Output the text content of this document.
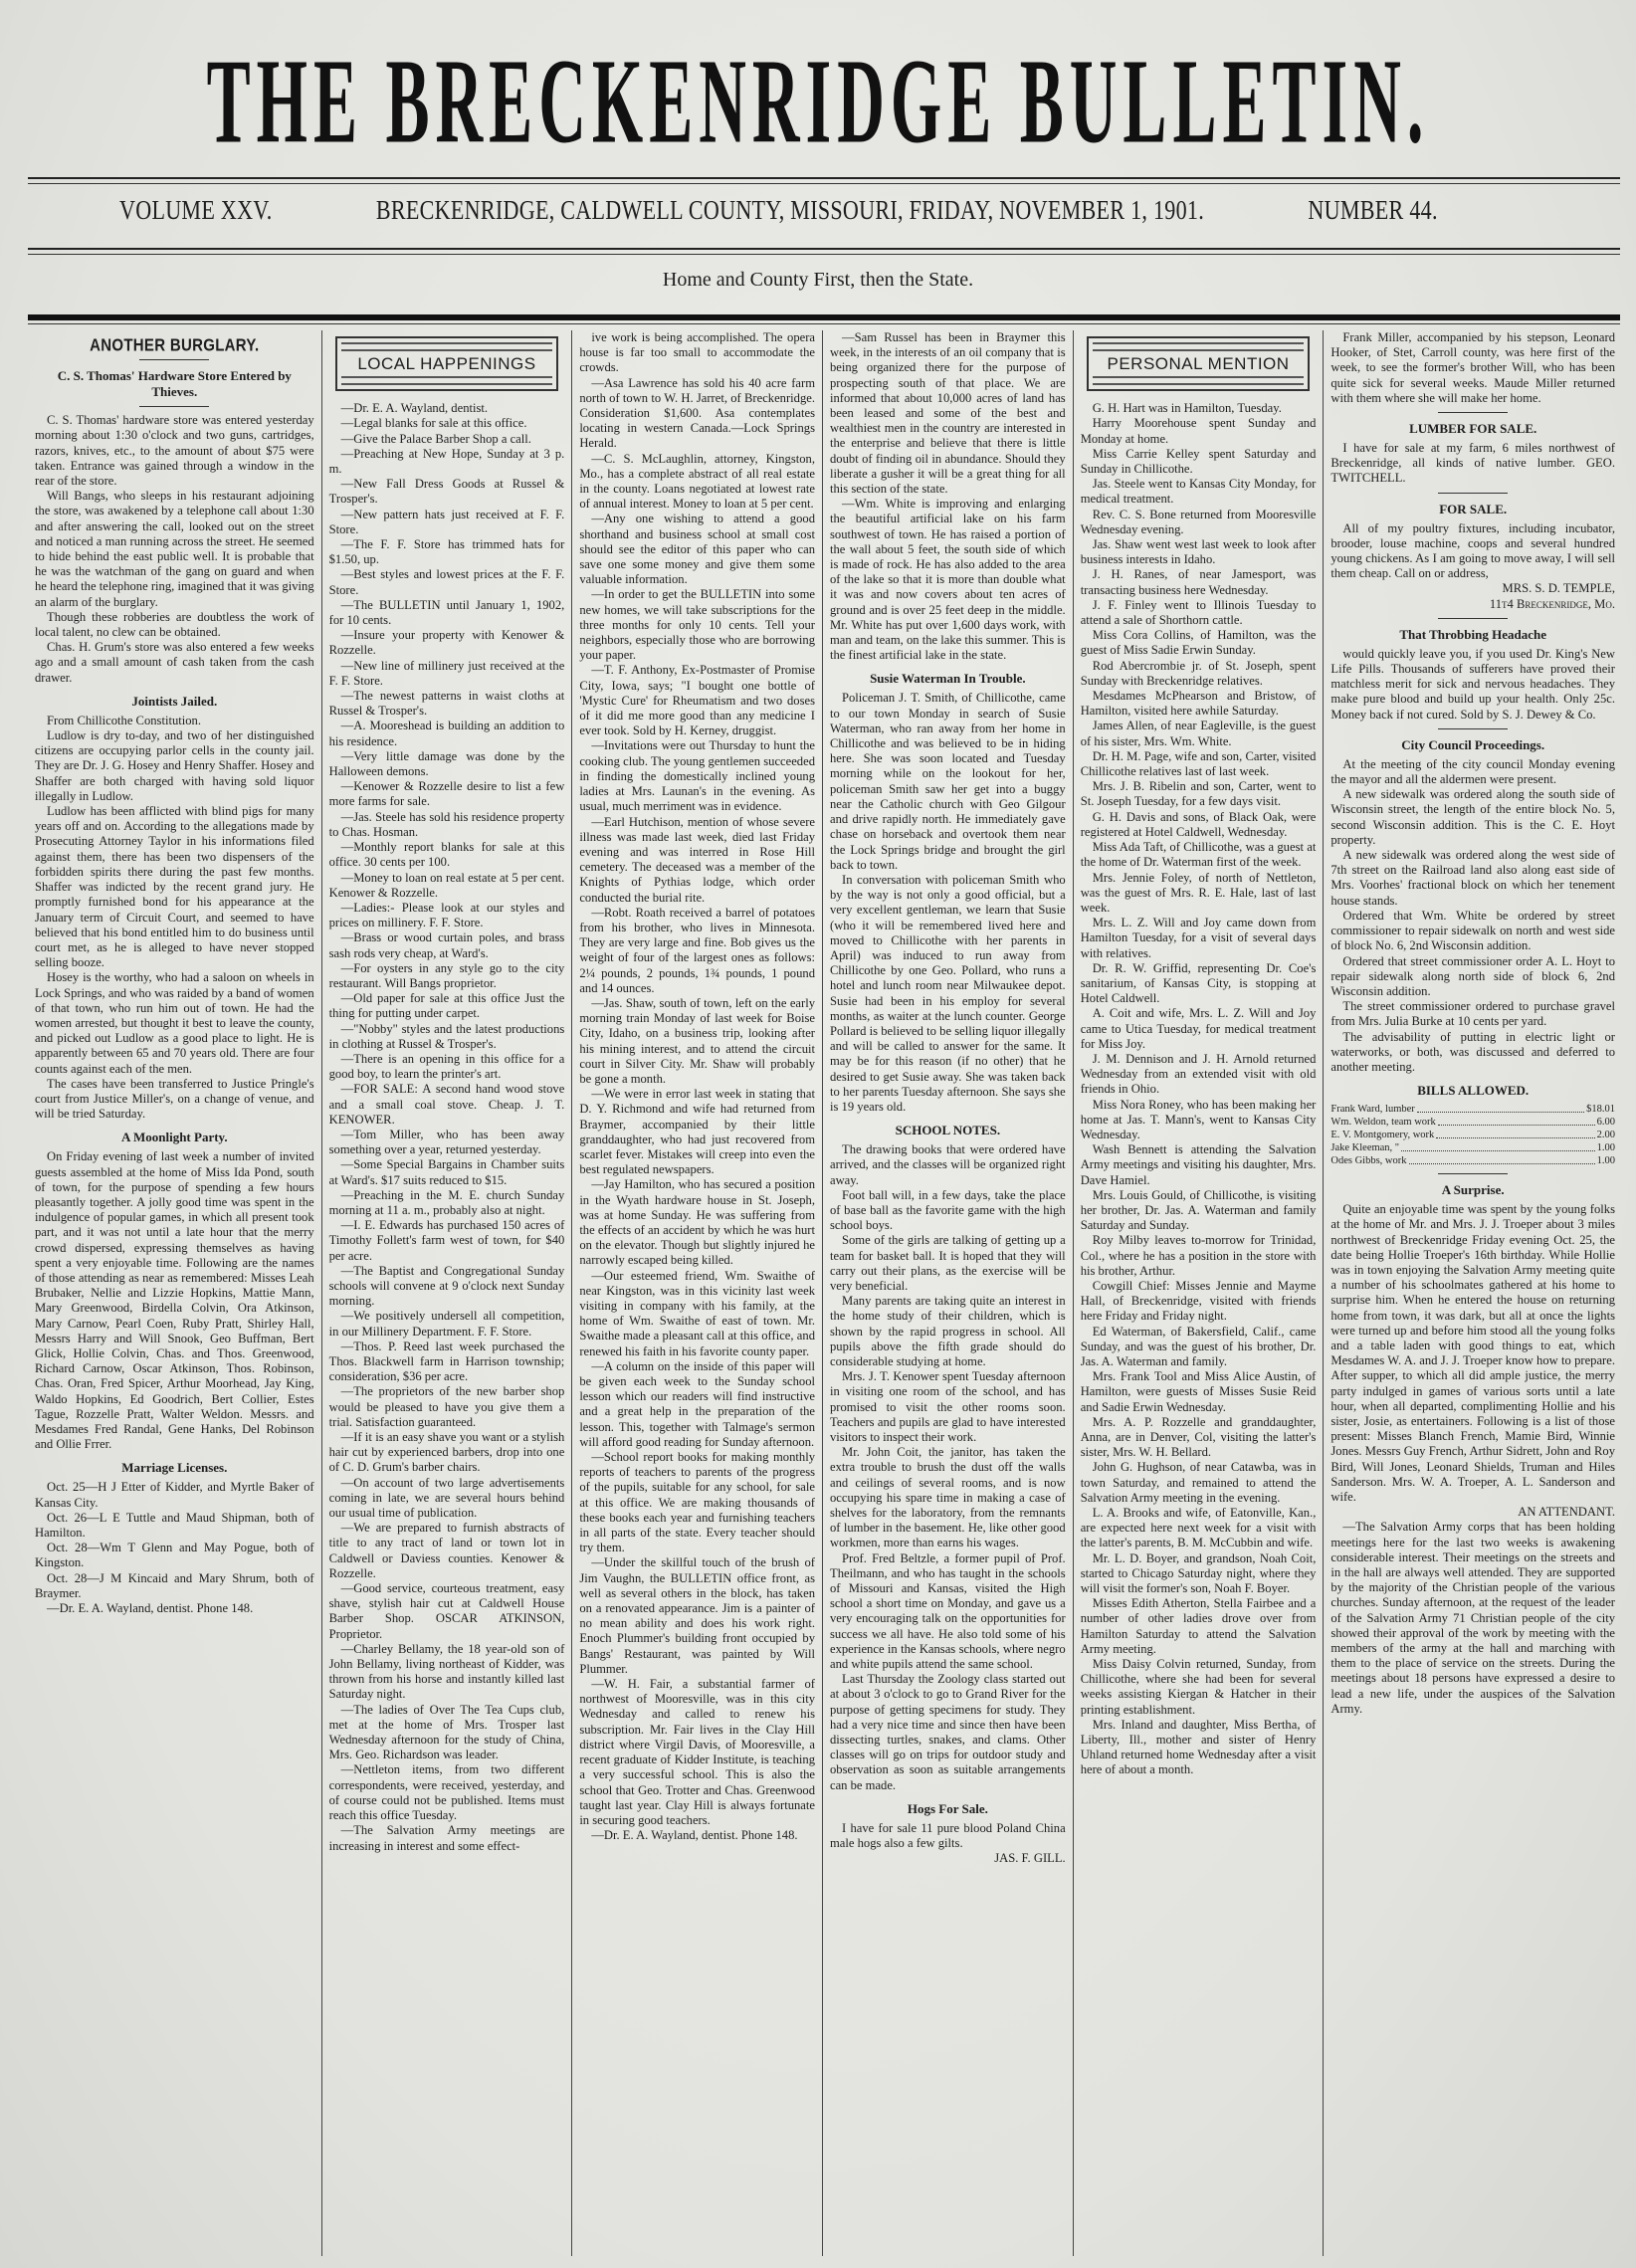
THE BRECKENRIDGE BULLETIN.
VOLUME XXV.	BRECKENRIDGE, CALDWELL COUNTY, MISSOURI, FRIDAY, NOVEMBER 1, 1901.	NUMBER 44.
Home and County First, then the State.
ANOTHER BURGLARY.
C. S. Thomas' Hardware Store Entered by Thieves.

C. S. Thomas' hardware store was entered yesterday morning about 1:30 o'clock and two guns, cartridges, razors, knives, etc., to the amount of about $75 were taken. Entrance was gained through a window in the rear of the store.

Will Bangs, who sleeps in his restaurant adjoining the store, was awakened by a telephone call about 1:30 and after answering the call, looked out on the street and noticed a man running across the street. He seemed to hide behind the east public well. It is probable that he was the watchman of the gang on guard and when he heard the telephone ring, imagined that it was giving an alarm of the burglary.

Though these robberies are doubtless the work of local talent, no clew can be obtained.

Chas. H. Grum's store was also entered a few weeks ago and a small amount of cash taken from the cash drawer.

Jointists Jailed.

From Chillicothe Constitution.

Ludlow is dry to-day, and two of her distinguished citizens are occupying parlor cells in the county jail. They are Dr. J. G. Hosey and Henry Shaffer. Hosey and Shaffer are both charged with having sold liquor illegally in Ludlow.

Ludlow has been afflicted with blind pigs for many years off and on. According to the allegations made by Prosecuting Attorney Taylor in his informations filed against them, there has been two dispensers of the forbidden spirits there during the past few months. Shaffer was indicted by the recent grand jury. He promptly furnished bond for his appearance at the January term of Circuit Court, and seemed to have believed that his bond entitled him to do business until court met, as he is alleged to have never stopped selling booze.

Hosey is the worthy, who had a saloon on wheels in Lock Springs, and who was raided by a band of women of that town, who run him out of town. He had the women arrested, but thought it best to leave the county, and picked out Ludlow as a good place to light. He is apparently between 65 and 70 years old. There are four counts against each of the men.

The cases have been transferred to Justice Pringle's court from Justice Miller's, on a change of venue, and will be tried Saturday.

A Moonlight Party.

On Friday evening of last week a number of invited guests assembled at the home of Miss Ida Pond, south of town, for the purpose of spending a few hours pleasantly together. A jolly good time was spent in the indulgence of popular games, in which all present took part, and it was not until a late hour that the merry crowd dispersed, expressing themselves as having spent a very enjoyable time. Following are the names of those attending as near as remembered: Misses Leah Brubaker, Nellie and Lizzie Hopkins, Mattie Mann, Mary Greenwood, Birdella Colvin, Ora Atkinson, Mary Carnow, Pearl Coen, Ruby Pratt, Shirley Hall, Messrs Harry and Will Snook, Geo Buffman, Bert Glick, Hollie Colvin, Chas. and Thos. Greenwood, Richard Carnow, Oscar Atkinson, Thos. Robinson, Chas. Oran, Fred Spicer, Arthur Moorhead, Jay King, Waldo Hopkins, Ed Goodrich, Bert Collier, Estes Tague, Rozzelle Pratt, Walter Weldon. Messrs. and Mesdames Fred Randal, Gene Hanks, Del Robinson and Ollie Frrer.

Marriage Licenses.

Oct. 25—H J Etter of Kidder, and Myrtle Baker of Kansas City.

Oct. 26—L E Tuttle and Maud Shipman, both of Hamilton.

Oct. 28—Wm T Glenn and May Pogue, both of Kingston.

Oct. 28—J M Kincaid and Mary Shrum, both of Braymer.

—Dr. E. A. Wayland, dentist. Phone 148.

LOCAL HAPPENINGS

—Dr. E. A. Wayland, dentist.

—Legal blanks for sale at this office.

—Give the Palace Barber Shop a call.

—Preaching at New Hope, Sunday at 3 p. m.

—New Fall Dress Goods at Russel & Trosper's.

—New pattern hats just received at F. F. Store.

—The F. F. Store has trimmed hats for $1.50, up.

—Best styles and lowest prices at the F. F. Store.

—The BULLETIN until January 1, 1902, for 10 cents.

—Insure your property with Kenower & Rozzelle.

—New line of millinery just received at the F. F. Store.

—The newest patterns in waist cloths at Russel & Trosper's.

—A. Mooreshead is building an addition to his residence.

—Very little damage was done by the Halloween demons.

—Kenower & Rozzelle desire to list a few more farms for sale.

—Jas. Steele has sold his residence property to Chas. Hosman.

—Monthly report blanks for sale at this office. 30 cents per 100.

—Money to loan on real estate at 5 per cent. Kenower & Rozzelle.

—Ladies:- Please look at our styles and prices on millinery. F. F. Store.

—Brass or wood curtain poles, and brass sash rods very cheap, at Ward's.

—For oysters in any style go to the city restaurant. Will Bangs proprietor.

—Old paper for sale at this office Just the thing for putting under carpet.

—"Nobby" styles and the latest productions in clothing at Russel & Trosper's.

—There is an opening in this office for a good boy, to learn the printer's art.

—FOR SALE: A second hand wood stove and a small coal stove. Cheap. J. T. KENOWER.

—Tom Miller, who has been away something over a year, returned yesterday.

—Some Special Bargains in Chamber suits at Ward's. $17 suits reduced to $15.

—Preaching in the M. E. church Sunday morning at 11 a. m., probably also at night.

—I. E. Edwards has purchased 150 acres of Timothy Follett's farm west of town, for $40 per acre.

—The Baptist and Congregational Sunday schools will convene at 9 o'clock next Sunday morning.

—We positively undersell all competition, in our Millinery Department. F. F. Store.

—Thos. P. Reed last week purchased the Thos. Blackwell farm in Harrison township; consideration, $36 per acre.

—The proprietors of the new barber shop would be pleased to have you give them a trial. Satisfaction guaranteed.

—If it is an easy shave you want or a stylish hair cut by experienced barbers, drop into one of C. D. Grum's barber chairs.

—On account of two large advertisements coming in late, we are several hours behind our usual time of publication.

—We are prepared to furnish abstracts of title to any tract of land or town lot in Caldwell or Daviess counties. Kenower & Rozzelle.

—Good service, courteous treatment, easy shave, stylish hair cut at Caldwell House Barber Shop. OSCAR ATKINSON, Proprietor.

—Charley Bellamy, the 18 year-old son of John Bellamy, living northeast of Kidder, was thrown from his horse and instantly killed last Saturday night.

—The ladies of Over The Tea Cups club, met at the home of Mrs. Trosper last Wednesday afternoon for the study of China, Mrs. Geo. Richardson was leader.

—Nettleton items, from two different correspondents, were received, yesterday, and of course could not be published. Items must reach this office Tuesday.

—The Salvation Army meetings are increasing in interest and some effect-

ive work is being accomplished. The opera house is far too small to accommodate the crowds.

—Asa Lawrence has sold his 40 acre farm north of town to W. H. Jarret, of Breckenridge. Consideration $1,600. Asa contemplates locating in western Canada.—Lock Springs Herald.

—C. S. McLaughlin, attorney, Kingston, Mo., has a complete abstract of all real estate in the county. Loans negotiated at lowest rate of annual interest. Money to loan at 5 per cent.

—Any one wishing to attend a good shorthand and business school at small cost should see the editor of this paper who can save one some money and give them some valuable information.

—In order to get the BULLETIN into some new homes, we will take subscriptions for the three months for only 10 cents. Tell your neighbors, especially those who are borrowing your paper.

—T. F. Anthony, Ex-Postmaster of Promise City, Iowa, says; "I bought one bottle of 'Mystic Cure' for Rheumatism and two doses of it did me more good than any medicine I ever took. Sold by H. Kerney, druggist.

—Invitations were out Thursday to hunt the cooking club. The young gentlemen succeeded in finding the domestically inclined young ladies at Mrs. Launan's in the evening. As usual, much merriment was in evidence.

—Earl Hutchison, mention of whose severe illness was made last week, died last Friday evening and was interred in Rose Hill cemetery. The deceased was a member of the Knights of Pythias lodge, which order conducted the burial rite.

—Robt. Roath received a barrel of potatoes from his brother, who lives in Minnesota. They are very large and fine. Bob gives us the weight of four of the largest ones as follows: 2¼ pounds, 2 pounds, 1¾ pounds, 1 pound and 14 ounces.

—Jas. Shaw, south of town, left on the early morning train Monday of last week for Boise City, Idaho, on a business trip, looking after his mining interest, and to attend the circuit court in Silver City. Mr. Shaw will probably be gone a month.

—We were in error last week in stating that D. Y. Richmond and wife had returned from Braymer, accompanied by their little granddaughter, who had just recovered from scarlet fever. Mistakes will creep into even the best regulated newspapers.

—Jay Hamilton, who has secured a position in the Wyath hardware house in St. Joseph, was at home Sunday. He was suffering from the effects of an accident by which he was hurt on the elevator. Though but slightly injured he narrowly escaped being killed.

—Our esteemed friend, Wm. Swaithe of near Kingston, was in this vicinity last week visiting in company with his family, at the home of Wm. Swaithe of east of town. Mr. Swaithe made a pleasant call at this office, and renewed his faith in his favorite county paper.

—A column on the inside of this paper will be given each week to the Sunday school lesson which our readers will find instructive and a great help in the preparation of the lesson. This, together with Talmage's sermon will afford good reading for Sunday afternoon.

—School report books for making monthly reports of teachers to parents of the progress of the pupils, suitable for any school, for sale at this office. We are making thousands of these books each year and furnishing teachers in all parts of the state. Every teacher should try them.

—Under the skillful touch of the brush of Jim Vaughn, the BULLETIN office front, as well as several others in the block, has taken on a renovated appearance. Jim is a painter of no mean ability and does his work right. Enoch Plummer's building front occupied by Bangs' Restaurant, was painted by Will Plummer.

—W. H. Fair, a substantial farmer of northwest of Mooresville, was in this city Wednesday and called to renew his subscription. Mr. Fair lives in the Clay Hill district where Virgil Davis, of Mooresville, a recent graduate of Kidder Institute, is teaching a very successful school. This is also the school that Geo. Trotter and Chas. Greenwood taught last year. Clay Hill is always fortunate in securing good teachers.

—Dr. E. A. Wayland, dentist. Phone 148.

—Sam Russel has been in Braymer this week, in the interests of an oil company that is being organized there for the purpose of prospecting south of that place. We are informed that about 10,000 acres of land has been leased and some of the best and wealthiest men in the country are interested in the enterprise and believe that there is little doubt of finding oil in abundance. Should they liberate a gusher it will be a great thing for all this section of the state.

—Wm. White is improving and enlarging the beautiful artificial lake on his farm southwest of town. He has raised a portion of the wall about 5 feet, the south side of which is made of rock. He has also added to the area of the lake so that it is more than double what it was and now covers about ten acres of ground and is over 25 feet deep in the middle. Mr. White has put over 1,600 days work, with man and team, on the lake this summer. This is the finest artificial lake in the state.

Susie Waterman In Trouble.

Policeman J. T. Smith, of Chillicothe, came to our town Monday in search of Susie Waterman, who ran away from her home in Chillicothe and was believed to be in hiding here. She was soon located and Tuesday morning while on the lookout for her, policeman Smith saw her get into a buggy near the Catholic church with Geo Gilgour and drive rapidly north. He immediately gave chase on horseback and overtook them near the Lock Springs bridge and brought the girl back to town.

In conversation with policeman Smith who by the way is not only a good official, but a very excellent gentleman, we learn that Susie (who it will be remembered lived here and moved to Chillicothe with her parents in April) was induced to run away from Chillicothe by one Geo. Pollard, who runs a hotel and lunch room near Milwaukee depot. Susie had been in his employ for several months, as waiter at the lunch counter. George Pollard is believed to be selling liquor illegally and will be called to answer for the same. It may be for this reason (if no other) that he desired to get Susie away. She was taken back to her parents Tuesday afternoon. She says she is 19 years old.

SCHOOL NOTES.

The drawing books that were ordered have arrived, and the classes will be organized right away.

Foot ball will, in a few days, take the place of base ball as the favorite game with the high school boys.

Some of the girls are talking of getting up a team for basket ball. It is hoped that they will carry out their plans, as the exercise will be very beneficial.

Many parents are taking quite an interest in the home study of their children, which is shown by the rapid progress in school. All pupils above the fifth grade should do considerable studying at home.

Mrs. J. T. Kenower spent Tuesday afternoon in visiting one room of the school, and has promised to visit the other rooms soon. Teachers and pupils are glad to have interested visitors to inspect their work.

Mr. John Coit, the janitor, has taken the extra trouble to brush the dust off the walls and ceilings of several rooms, and is now occupying his spare time in making a case of shelves for the laboratory, from the remnants of lumber in the basement. He, like other good workmen, more than earns his wages.

Prof. Fred Beltzle, a former pupil of Prof. Theilmann, and who has taught in the schools of Missouri and Kansas, visited the High school a short time on Monday, and gave us a very encouraging talk on the opportunities for success we all have. He also told some of his experience in the Kansas schools, where negro and white pupils attend the same school.

Last Thursday the Zoology class started out at about 3 o'clock to go to Grand River for the purpose of getting specimens for study. They had a very nice time and since then have been dissecting turtles, snakes, and clams. Other classes will go on trips for outdoor study and observation as soon as suitable arrangements can be made.

Hogs For Sale.

I have for sale 11 pure blood Poland China male hogs also a few gilts.

JAS. F. GILL.

PERSONAL MENTION

G. H. Hart was in Hamilton, Tuesday.

Harry Moorehouse spent Sunday and Monday at home.

Miss Carrie Kelley spent Saturday and Sunday in Chillicothe.

Jas. Steele went to Kansas City Monday, for medical treatment.

Rev. C. S. Bone returned from Mooresville Wednesday evening.

Jas. Shaw went west last week to look after business interests in Idaho.

J. H. Ranes, of near Jamesport, was transacting business here Wednesday.

J. F. Finley went to Illinois Tuesday to attend a sale of Shorthorn cattle.

Miss Cora Collins, of Hamilton, was the guest of Miss Sadie Erwin Sunday.

Rod Abercrombie jr. of St. Joseph, spent Sunday with Breckenridge relatives.

Mesdames McPhearson and Bristow, of Hamilton, visited here awhile Saturday.

James Allen, of near Eagleville, is the guest of his sister, Mrs. Wm. White.

Dr. H. M. Page, wife and son, Carter, visited Chillicothe relatives last of last week.

Mrs. J. B. Ribelin and son, Carter, went to St. Joseph Tuesday, for a few days visit.

G. H. Davis and sons, of Black Oak, were registered at Hotel Caldwell, Wednesday.

Miss Ada Taft, of Chillicothe, was a guest at the home of Dr. Waterman first of the week.

Mrs. Jennie Foley, of north of Nettleton, was the guest of Mrs. R. E. Hale, last of last week.

Mrs. L. Z. Will and Joy came down from Hamilton Tuesday, for a visit of several days with relatives.

Dr. R. W. Griffid, representing Dr. Coe's sanitarium, of Kansas City, is stopping at Hotel Caldwell.

A. Coit and wife, Mrs. L. Z. Will and Joy came to Utica Tuesday, for medical treatment for Miss Joy.

J. M. Dennison and J. H. Arnold returned Wednesday from an extended visit with old friends in Ohio.

Miss Nora Roney, who has been making her home at Jas. T. Mann's, went to Kansas City Wednesday.

Wash Bennett is attending the Salvation Army meetings and visiting his daughter, Mrs. Dave Hamiel.

Mrs. Louis Gould, of Chillicothe, is visiting her brother, Dr. Jas. A. Waterman and family Saturday and Sunday.

Roy Milby leaves to-morrow for Trinidad, Col., where he has a position in the store with his brother, Arthur.

Cowgill Chief: Misses Jennie and Mayme Hall, of Breckenridge, visited with friends here Friday and Friday night.

Ed Waterman, of Bakersfield, Calif., came Sunday, and was the guest of his brother, Dr. Jas. A. Waterman and family.

Mrs. Frank Tool and Miss Alice Austin, of Hamilton, were guests of Misses Susie Reid and Sadie Erwin Wednesday.

Mrs. A. P. Rozzelle and granddaughter, Anna, are in Denver, Col, visiting the latter's sister, Mrs. W. H. Bellard.

John G. Hughson, of near Catawba, was in town Saturday, and remained to attend the Salvation Army meeting in the evening.

L. A. Brooks and wife, of Eatonville, Kan., are expected here next week for a visit with the latter's parents, B. M. McCubbin and wife.

Mr. L. D. Boyer, and grandson, Noah Coit, started to Chicago Saturday night, where they will visit the former's son, Noah F. Boyer.

Misses Edith Atherton, Stella Fairbee and a number of other ladies drove over from Hamilton Saturday to attend the Salvation Army meeting.

Miss Daisy Colvin returned, Sunday, from Chillicothe, where she had been for several weeks assisting Kiergan & Hatcher in their printing establishment.

Mrs. Inland and daughter, Miss Bertha, of Liberty, Ill., mother and sister of Henry Uhland returned home Wednesday after a visit here of about a month.

Frank Miller, accompanied by his stepson, Leonard Hooker, of Stet, Carroll county, was here first of the week, to see the former's brother Will, who has been quite sick for several weeks. Maude Miller returned with them where she will make her home.

LUMBER FOR SALE.

I have for sale at my farm, 6 miles northwest of Breckenridge, all kinds of native lumber. GEO. TWITCHELL.

FOR SALE.

All of my poultry fixtures, including incubator, brooder, louse machine, coops and several hundred young chickens. As I am going to move away, I will sell them cheap. Call on or address,

MRS. S. D. TEMPLE,

11t4 Breckenridge, Mo.

That Throbbing Headache

would quickly leave you, if you used Dr. King's New Life Pills. Thousands of sufferers have proved their matchless merit for sick and nervous headaches. They make pure blood and build up your health. Only 25c. Money back if not cured. Sold by S. J. Dewey & Co.

City Council Proceedings.

At the meeting of the city council Monday evening the mayor and all the aldermen were present.

A new sidewalk was ordered along the south side of Wisconsin street, the length of the entire block No. 5, second Wisconsin addition. This is the C. E. Hoyt property.

A new sidewalk was ordered along the west side of 7th street on the Railroad land also along east side of Mrs. Voorhes' fractional block on which her tenement house stands.

Ordered that Wm. White be ordered by street commissioner to repair sidewalk on north and west side of block No. 6, 2nd Wisconsin addition.

Ordered that street commissioner order A. L. Hoyt to repair sidewalk along north side of block 6, 2nd Wisconsin addition.

The street commissioner ordered to purchase gravel from Mrs. Julia Burke at 10 cents per yard.

The advisability of putting in electric light or waterworks, or both, was discussed and deferred to another meeting.

BILLS ALLOWED.
Frank Ward, lumber	$18.01
Wm. Weldon, team work	6.00
E. V. Montgomery, work	2.00
Jake Kleeman, "	1.00
Odes Gibbs, work	1.00
A Surprise.

Quite an enjoyable time was spent by the young folks at the home of Mr. and Mrs. J. J. Troeper about 3 miles northwest of Breckenridge Friday evening Oct. 25, the date being Hollie Troeper's 16th birthday. While Hollie was in town enjoying the Salvation Army meeting quite a number of his schoolmates gathered at his home to surprise him. When he entered the house on returning home from town, it was dark, but all at once the lights were turned up and before him stood all the young folks and a table laden with good things to eat, which Mesdames W. A. and J. J. Troeper know how to prepare. After supper, to which all did ample justice, the merry party indulged in games of various sorts until a late hour, when all departed, complimenting Hollie and his sister, Josie, as entertainers. Following is a list of those present: Misses Blanch French, Mamie Bird, Winnie Jones. Messrs Guy French, Arthur Sidrett, John and Roy Bird, Will Jones, Leonard Shields, Truman and Hiles Sanderson. Mrs. W. A. Troeper, A. L. Sanderson and wife.

AN ATTENDANT.

—The Salvation Army corps that has been holding meetings here for the last two weeks is awakening considerable interest. Their meetings on the streets and in the hall are always well attended. They are supported by the majority of the Christian people of the various churches. Sunday afternoon, at the request of the leader of the Salvation Army 71 Christian people of the city showed their approval of the work by meeting with the members of the army at the hall and marching with them to the place of service on the streets. During the meetings about 18 persons have expressed a desire to lead a new life, under the auspices of the Salvation Army.
